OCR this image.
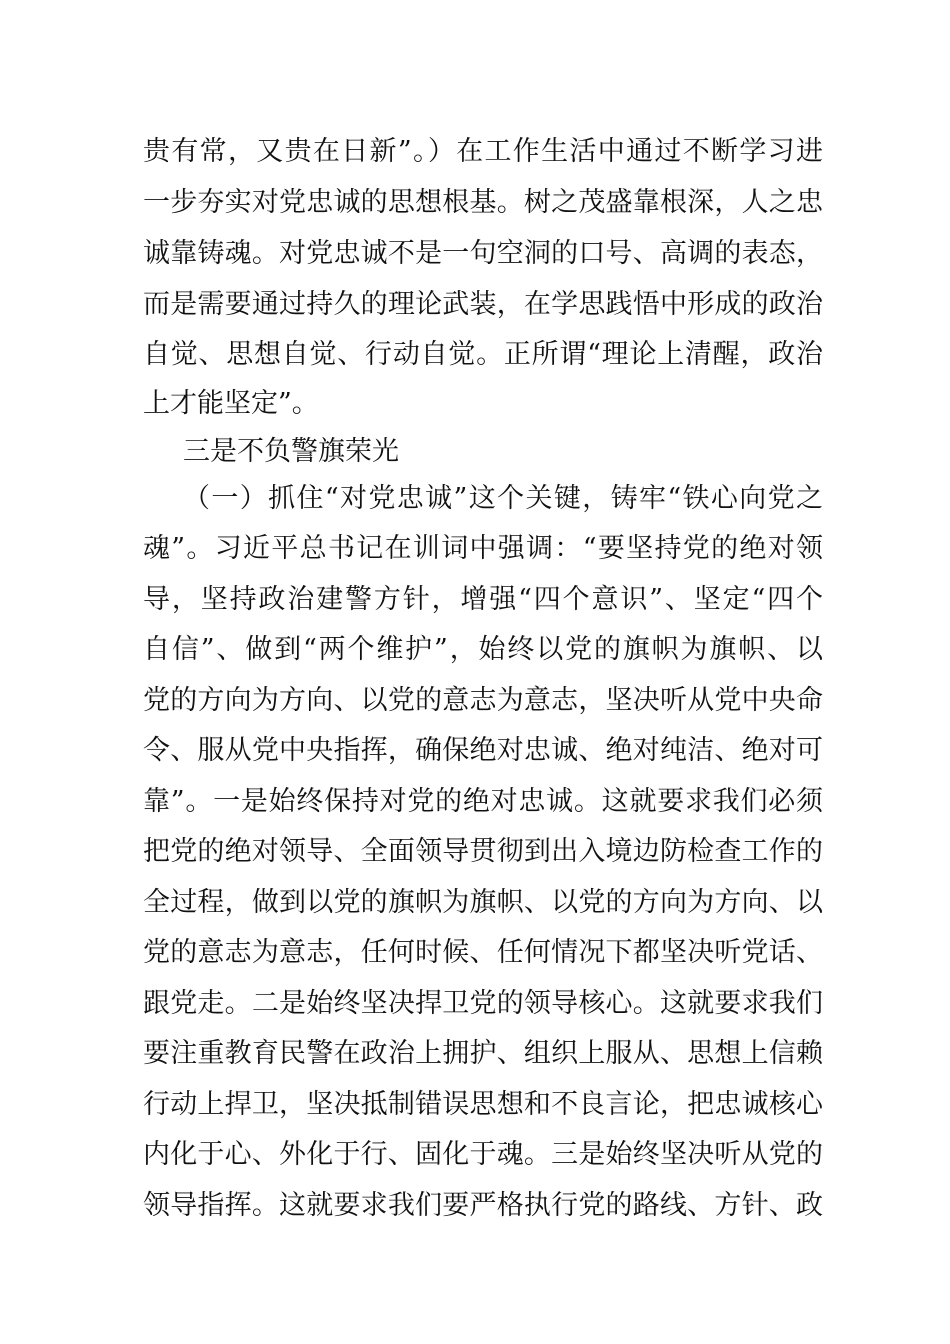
贵有常，又贵在日新”。）在工作生活中通过不断学习进
一步夯实对党忠诚的思想根基。树之茂盛靠根深，人之忠
诚靠铸魂。对党忠诚不是一句空洞的口号、高调的表态，
而是需要通过持久的理论武装，在学思践悟中形成的政治
自觉、思想自觉、行动自觉。正所谓“理论上清醒，政治
上才能坚定”。
三是不负警旗荣光
（一）抓住“对党忠诚”这个关键，铸牢“铁心向党之
魂”。习近平总书记在训词中强调：“要坚持党的绝对领
导，坚持政治建警方针，增强“四个意识”、坚定“四个
自信”、做到“两个维护”，始终以党的旗帜为旗帜、以
党的方向为方向、以党的意志为意志，坚决听从党中央命
令、服从党中央指挥，确保绝对忠诚、绝对纯洁、绝对可
靠”。一是始终保持对党的绝对忠诚。这就要求我们必须
把党的绝对领导、全面领导贯彻到出入境边防检查工作的
全过程，做到以党的旗帜为旗帜、以党的方向为方向、以
党的意志为意志，任何时候、任何情况下都坚决听党话、
跟党走。二是始终坚决捍卫党的领导核心。这就要求我们
要注重教育民警在政治上拥护、组织上服从、思想上信赖
行动上捍卫，坚决抵制错误思想和不良言论，把忠诚核心
内化于心、外化于行、固化于魂。三是始终坚决听从党的
领导指挥。这就要求我们要严格执行党的路线、方针、政
